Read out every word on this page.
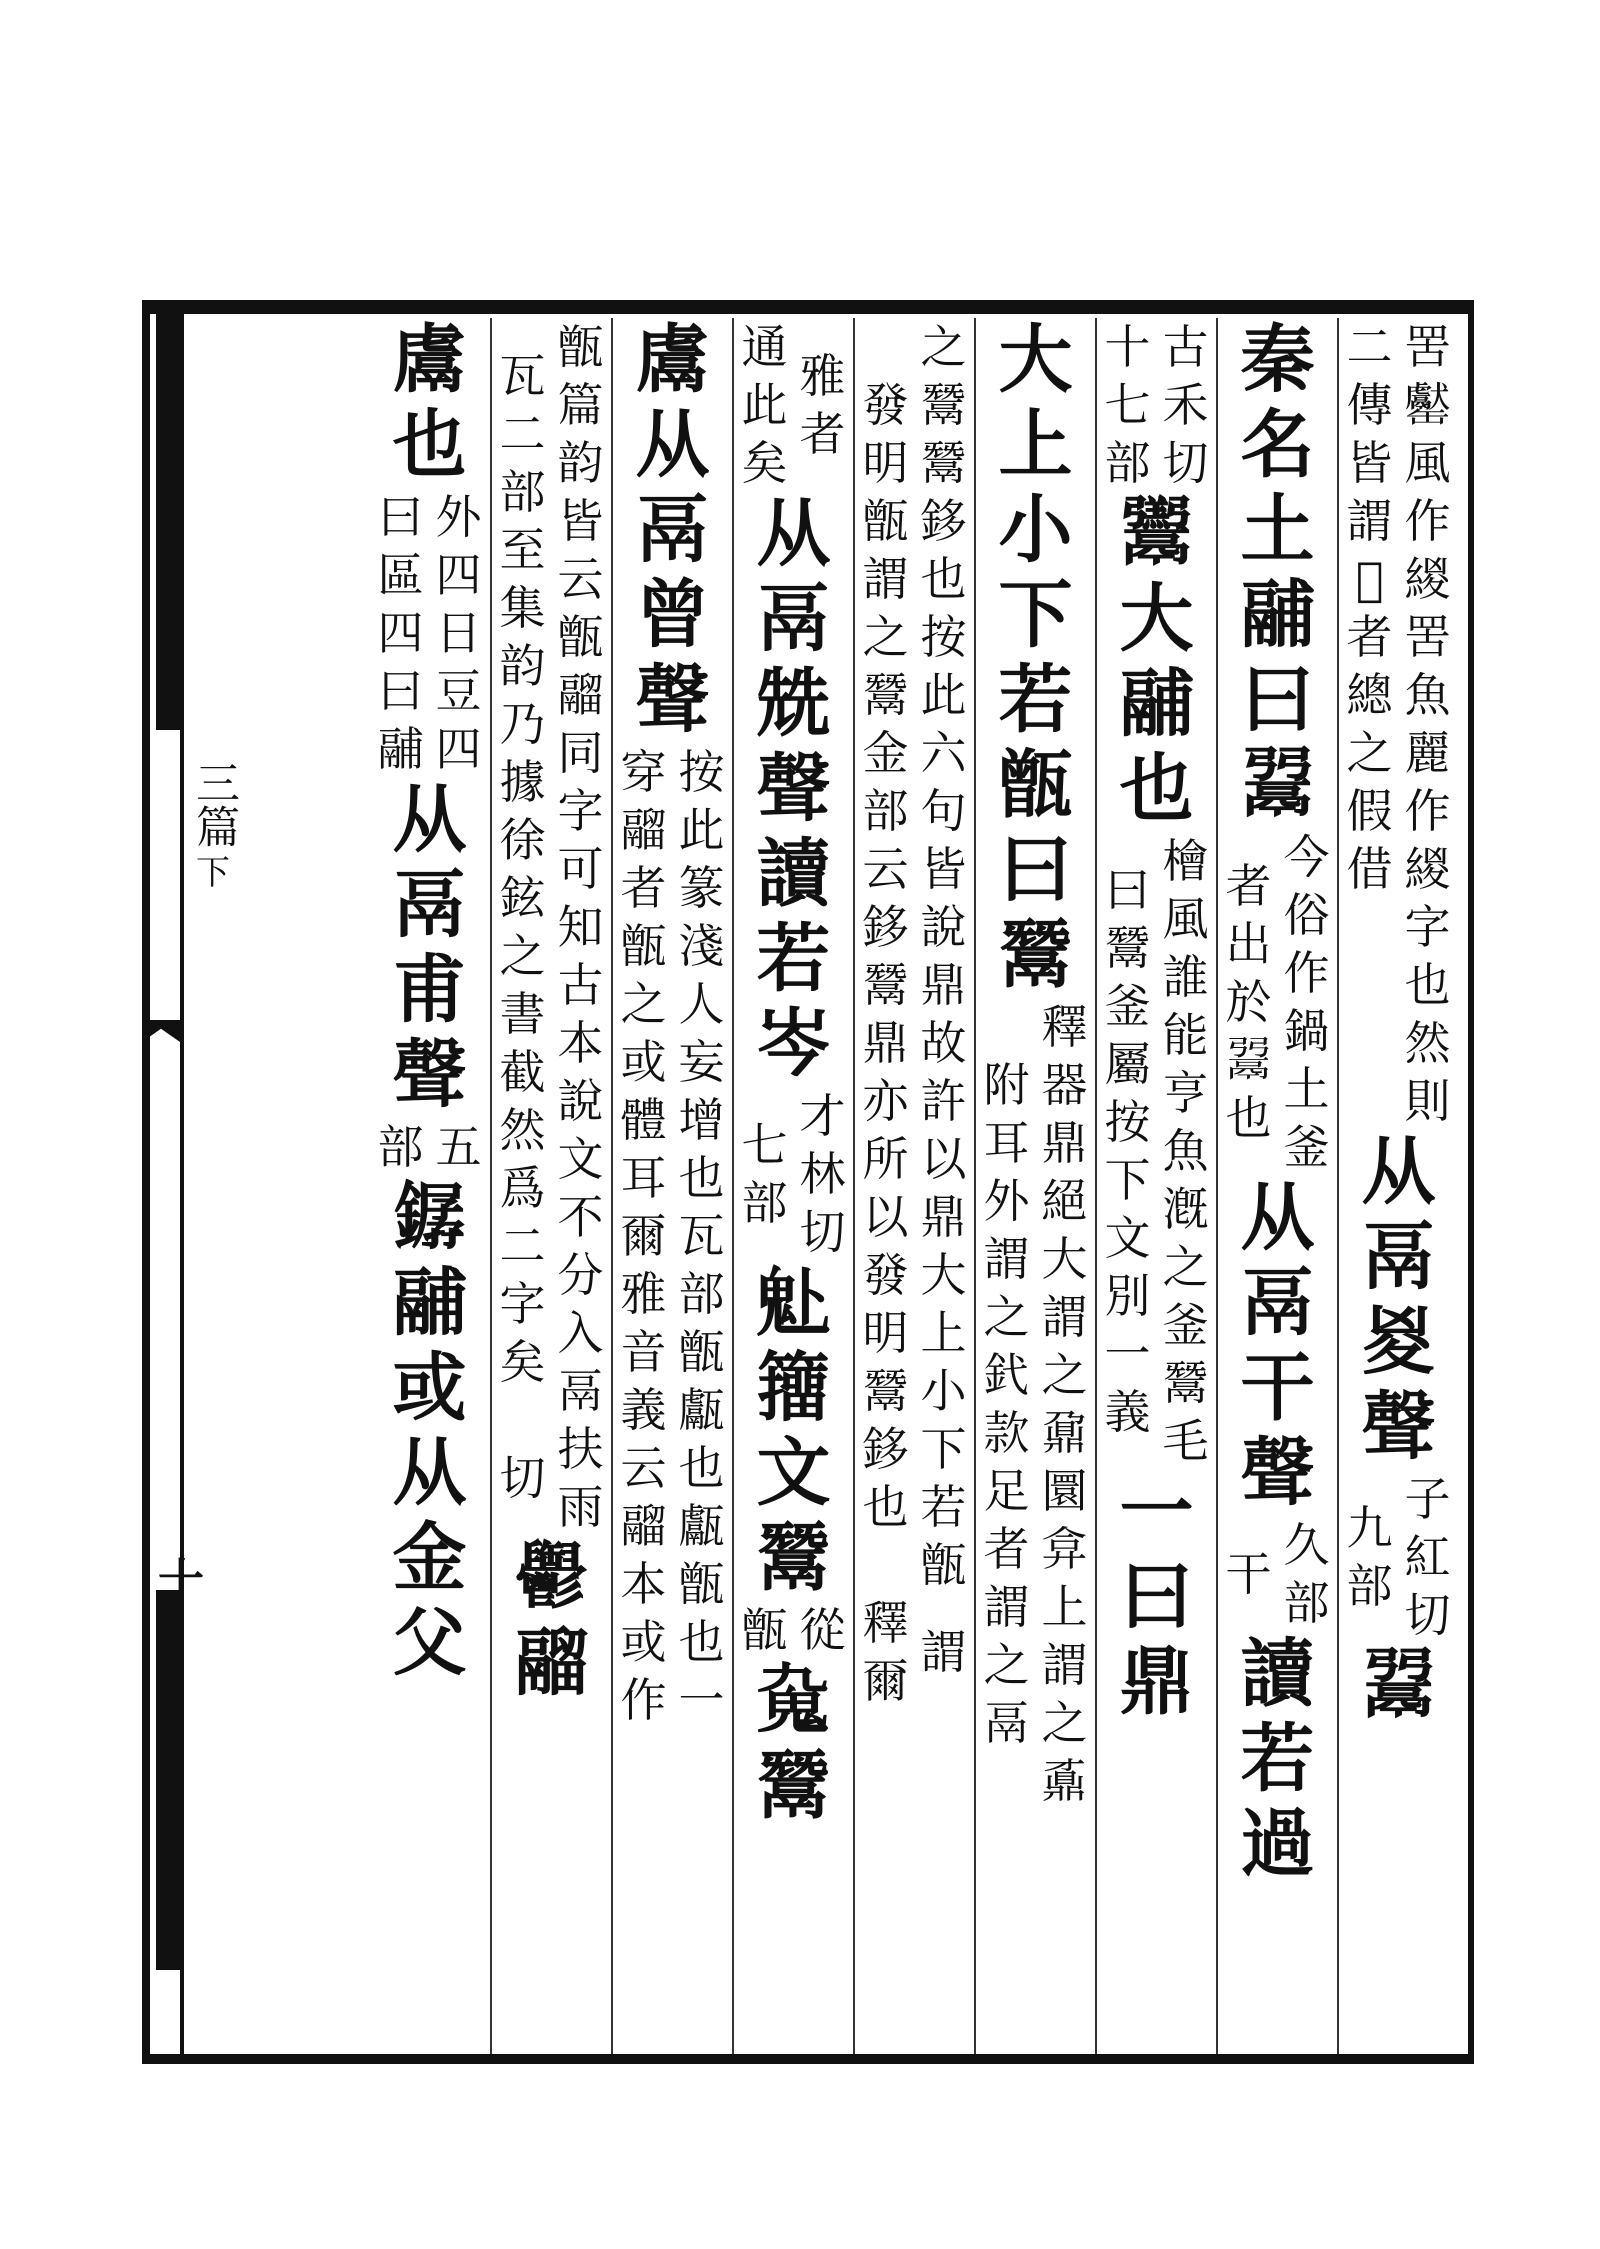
三篇
下
十
罟𦉧風作緵罟魚麗作緵
二傳皆謂𦋺者總之假借
字也然則
从
鬲
㚇
聲
子紅切
九部
𩰲
秦
名
土
鬴
曰
𩰲
今俗作鍋土釜
者出於𩰲也
从
鬲
干
聲
久部
干
讀
若
過
古禾切
十七部
𩱧
大
鬴
也
檜風誰能亨魚漑之釜鬵毛
曰鬵釜屬按下文別一義
一
曰
鼎
大
上
小
下
若
甑
曰
鬵
釋器鼎絕大謂之鼐圜弇上謂之鼒
附耳外謂之釴款足者謂之鬲
之鬵鬵鉹也按此六句皆說鼎故許以鼎大上小下若甑
發明甑謂之鬵金部云鉹鬵鼎亦所以發明鬵鉹也
謂
釋爾
雅者
通此矣
从
鬲
兟
聲
讀
若
岑
才林切
七部
𩱻
籒
文
鬵
從
甑
𩱼
鬵
鬳
从
鬲
曾
聲
按此篆淺人妄增也瓦部甑甗也甗甑也一
穿鬸者甑之或體耳爾雅音義云鬸本或作
甑篇韵皆云甑鬸同字可知古本說文不分入鬲
瓦二部至集韵乃據徐鉉之書截然爲二字矣
扶雨
切
𩰪
鬸
鬳
也
外四日豆四
曰區四曰鬴
从
鬲
甫
聲
五
部
𨬖
鬴
或
从
金
父
